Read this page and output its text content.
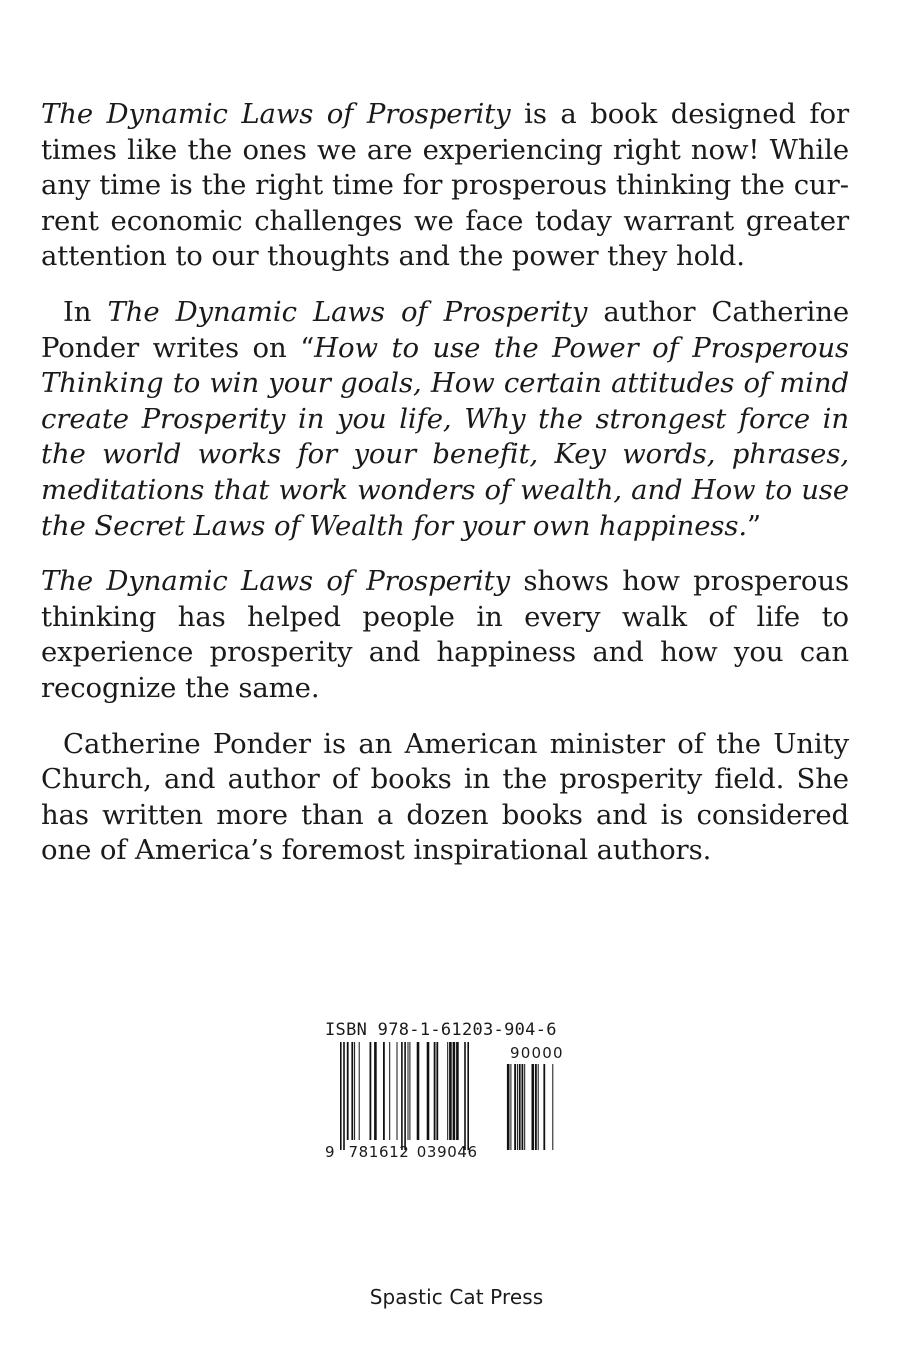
The Dynamic Laws of Prosperity is a book designed for times like the ones we are experiencing right now! While any time is the right time for prosperous thinking the current economic challenges we face today warrant greater attention to our thoughts and the power they hold.

In The Dynamic Laws of Prosperity author Catherine Ponder writes on “How to use the Power of Prosperous Thinking to win your goals, How certain attitudes of mind create Prosperity in you life, Why the strongest force in the world works for your benefit, Key words, phrases, meditations that work wonders of wealth, and How to use the Secret Laws of Wealth for your own happiness.”

The Dynamic Laws of Prosperity shows how prosperous thinking has helped people in every walk of life to experience prosperity and happiness and how you can recognize the same.

Catherine Ponder is an American minister of the Unity Church, and author of books in the prosperity field. She has written more than a dozen books and is considered one of America’s foremost inspirational authors.

ISBN 978-1-61203-904-6
90000
9 781612 039046
Spastic Cat Press
